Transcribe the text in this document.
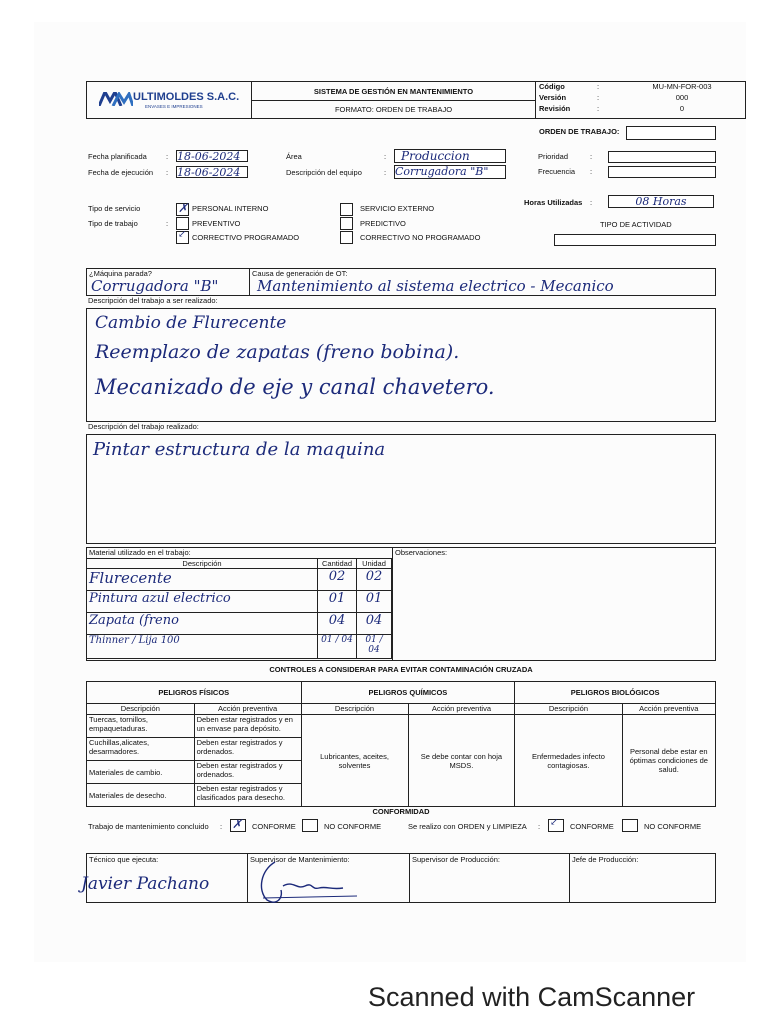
ULTIMOLDES S.A.C.
ENVASES E IMPRESIONES
SISTEMA DE GESTIÓN EN MANTENIMIENTO
FORMATO: ORDEN DE TRABAJO
Código	:	MU-MN-FOR-003
Versión	:	000
Revisión	:	0
ORDEN DE TRABAJO:
Fecha planificada	: 18-06-2024
Fecha de ejecución : 18-06-2024
Área	:	Produccion
Descripción del equipo	: Corrugadora "B"
Prioridad	:
Frecuencia :
Horas Utilizadas :	08 Horas
TIPO DE ACTIVIDAD
Tipo de servicio
Tipo de trabajo	:
✗ PERSONAL INTERNO
PREVENTIVO
↙ CORRECTIVO PROGRAMADO
SERVICIO EXTERNO
PREDICTIVO
CORRECTIVO NO PROGRAMADO
¿Máquina parada?
Corrugadora "B"
Causa de generación de OT:
Mantenimiento al sistema electrico - Mecanico
Descripción del trabajo a ser realizado:
Cambio de Flurecente
Reemplazo de zapatas (freno bobina).
Mecanizado de eje y canal chavetero.
Descripción del trabajo realizado:
Pintar estructura de la maquina
Material utilizado en el trabajo:	Observaciones:
Descripción	Cantidad	Unidad
Flurecente	02	02
Pintura azul electrico	01	01
Zapata (freno	04	04
Thinner / Lija 100	01 / 04	01 / 04
CONTROLES A CONSIDERAR PARA EVITAR CONTAMINACIÓN CRUZADA
PELIGROS FÍSICOS		PELIGROS QUÍMICOS		PELIGROS BIOLÓGICOS	
Descripción	Acción preventiva	Descripción	Acción preventiva	Descripción	Acción preventiva
Tuercas, tornillos, empaquetaduras.	Deben estar registrados y en un envase para depósito.	Lubricantes, aceites, solventes	Se debe contar con hoja MSDS.	Enfermedades infecto contagiosas.	Personal debe estar en óptimas condiciones de salud.
Cuchillas,alicates, desarmadores.	Deben estar registrados y ordenados.				
Materiales de cambio.	Deben estar registrados y ordenados.				
Materiales de desecho.	Deben estar registrados y clasificados para desecho.				
CONFORMIDAD
Trabajo de mantenimiento concluido : ✗ CONFORME	NO CONFORME	Se realizo con ORDEN y LIMPIEZA : ↙ CONFORME	NO CONFORME
Técnico que ejecuta:
Javier Pachano
Supervisor de Mantenimiento:	Supervisor de Producción:	Jefe de Producción:
Scanned with CamScanner
